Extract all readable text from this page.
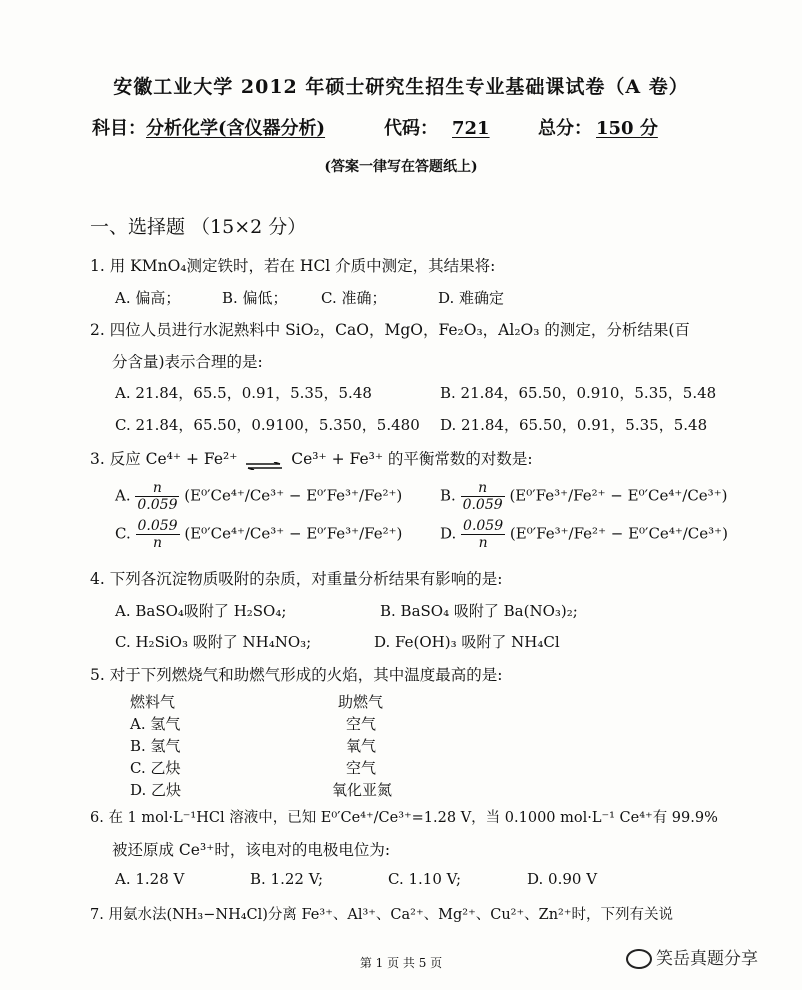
安徽工业大学 2012 年硕士研究生招生专业基础课试卷（A 卷）
科目：分析化学(含仪器分析)	代码： 721	总分： 150 分
(答案一律写在答题纸上)
一、选择题 （15×2 分）
1. 用 KMnO₄测定铁时，若在 HCl 介质中测定，其结果将:
A. 偏高；	B. 偏低； C. 准确；	D. 难确定
2. 四位人员进行水泥熟料中 SiO₂，CaO，MgO，Fe₂O₃，Al₂O₃ 的测定，分析结果(百
分含量)表示合理的是:
A. 21.84，65.5，0.91，5.35，5.48	B. 21.84，65.50，0.910，5.35，5.48
C. 21.84，65.50，0.9100，5.350，5.480 D. 21.84，65.50，0.91，5.35，5.48
3. 反应 Ce⁴⁺ + Fe²⁺ ⇌ Ce³⁺ + Fe³⁺ 的平衡常数的对数是:
A. $\frac{n}{0.059} (E^0'Ce^{4+}/Ce^{3+} - E^0'Fe^{3+}/Fe^{2+})$	B. $\frac{n}{0.059} (E^0'Fe^{3+}/Fe^{2+} - E^0'Ce^{4+}/Ce^{3+})$
C. $\frac{0.059}{n} (E^0'Ce^{4+}/Ce^{3+} - E^0'Fe^{3+}/Fe^{2+})$	D. $\frac{0.059}{n} (E^0'Fe^{3+}/Fe^{2+} - E^0'Ce^{4+}/Ce^{3+})$
4. 下列各沉淀物质吸附的杂质，对重量分析结果有影响的是:
A. BaSO₄吸附了 H₂SO₄;	B. BaSO₄ 吸附了 Ba(NO₃)₂;
C. H₂SiO₃ 吸附了 NH₄NO₃;	D. Fe(OH)₃ 吸附了 NH₄Cl
5. 对于下列燃烧气和助燃气形成的火焰，其中温度最高的是:
燃料气	助燃气
A. 氢气	空气
B. 氢气	氧气
C. 乙炔	空气
D. 乙炔	氧化亚氮
6. 在 1 mol·L⁻¹HCl 溶液中，已知 E⁰′Ce⁴⁺/Ce³⁺=1.28 V，当 0.1000 mol·L⁻¹ Ce⁴⁺有 99.9%
被还原成 Ce³⁺时，该电对的电极电位为:
A. 1.28 V	B. 1.22 V;	C. 1.10 V;	D. 0.90 V
7. 用氨水法(NH₃−NH₄Cl)分离 Fe³⁺、Al³⁺、Ca²⁺、Mg²⁺、Cu²⁺、Zn²⁺时，下列有关说
第 1 页 共 5 页	笑岳真题分享
